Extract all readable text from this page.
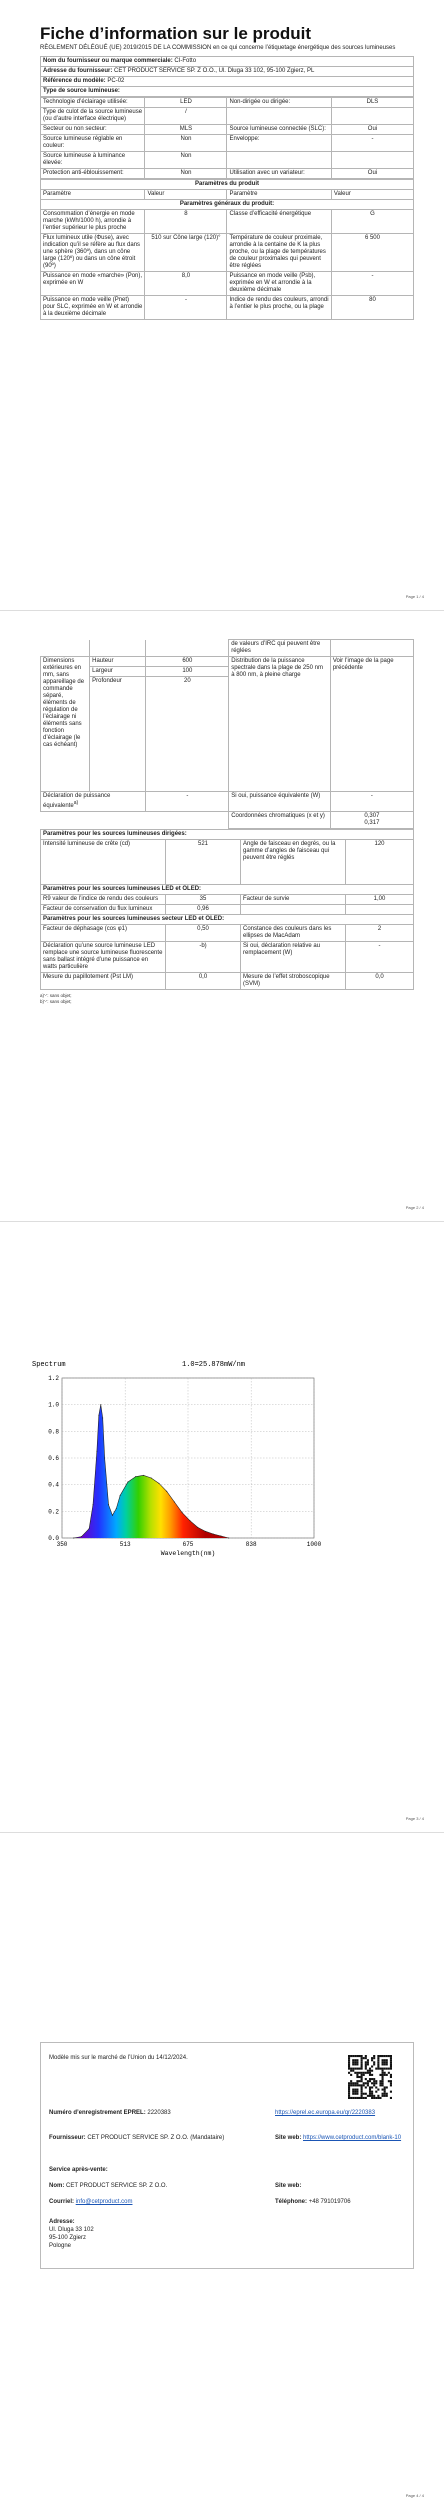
Fiche d’information sur le produit
RÈGLEMENT DÉLÉGUÉ (UE) 2019/2015 DE LA COMMISSION en ce qui concerne l’étiquetage énergétique des sources lumineuses
Nom du fournisseur ou marque commerciale: CI-Fotto
Adresse du fournisseur: CET PRODUCT SERVICE SP. Z O.O., Ul. Dluga 33 102, 95-100 Zgierz, PL
Référence du modèle: PC-02
Type de source lumineuse:
Technologie d’éclairage utilisée:	LED	Non-dirigée ou dirigée:	DLS
Type de culot de la source lumineuse (ou d’autre interface électrique)	/		
Secteur ou non secteur:	MLS	Source lumineuse connectée (SLC):	Oui
Source lumineuse réglable en couleur:	Non	Enveloppe:	-
Source lumineuse à luminance élevée:	Non		
Protection anti-éblouissement:	Non	Utilisation avec un variateur:	Oui
Paramètres du produit			
Paramètre	Valeur	Paramètre	Valeur
Paramètres généraux du produit:			
Consommation d’énergie en mode marche (kWh/1000 h), arrondie à l’entier supérieur le plus proche	8	Classe d’efficacité énergétique	G
Flux lumineux utile (Φuse), avec indication qu’il se réfère au flux dans une sphère (360º), dans un cône large (120º) ou dans un cône étroit (90º)	510 sur Cône large (120)°	Température de couleur proximale, arrondie à la centaine de K la plus proche, ou la plage de températures de couleur proximales qui peuvent être réglées	6 500
Puissance en mode «marche» (Pon), exprimée en W	8,0	Puissance en mode veille (Psb), exprimée en W et arrondie à la deuxième décimale	-
Puissance en mode veille (Pnet) pour SLC, exprimée en W et arrondie à la deuxième décimale	-	Indice de rendu des couleurs, arrondi à l’entier le plus proche, ou la plage	80
Page 1 / 4
			de valeurs d’IRC qui peuvent être réglées	
Dimensions extérieures en mm, sans appareillage de commande séparé, éléments de régulation de l’éclairage ni éléments sans fonction d’éclairage (le cas échéant)	Hauteur	600	Distribution de la puissance spectrale dans la plage de 250 nm à 800 nm, à pleine charge	Voir l’image de la page précédente
	Largeur	100		
	Profondeur	20		
Déclaration de puissance équivalente$^{a)}$		-	Si oui, puissance équivalente (W)	-
			Coordonnées chromatiques (x et y)	0,307
0,317
Paramètres pour les sources lumineuses dirigées:			
Intensité lumineuse de crête (cd)	521	Angle de faisceau en degrés, ou la gamme d’angles de faisceau qui peuvent être réglés	120
Paramètres pour les sources lumineuses LED et OLED:			
R9 valeur de l’indice de rendu des couleurs	35	Facteur de survie	1,00
Facteur de conservation du flux lumineux	0,96		
Paramètres pour les sources lumineuses secteur LED et OLED:			
Facteur de déphasage (cos φ1)	0,50	Constance des couleurs dans les ellipses de MacAdam	2
Déclaration qu’une source lumineuse LED remplace une source lumineuse fluorescente sans ballast intégré d’une puissance en watts particulière	-b)	Si oui, déclaration relative au remplacement (W)	-
Mesure du papillotement (Pst LM)	0,0	Mesure de l’effet stroboscopique (SVM)	0,0
a)'-': sans objet;
b)'-': sans objet;
Page 2 / 4
Page 3 / 4
Spectrum	1.0=25.878mW/nm
0.0
0.2
0.4
0.6
0.8
1.0
1.2
350	513	675	838	1000
Wavelength(nm)
Page 4 / 4
Modèle mis sur le marché de l’Union du 14/12/2024.
Numéro d’enregistrement EPREL: 2220383	https://eprel.ec.europa.eu/qr/2220383
Fournisseur: CET PRODUCT SERVICE SP. Z O.O. (Mandataire)	Site web: https://www.cetproduct.com/blank-10
Service après-vente:
Nom: CET PRODUCT SERVICE SP. Z O.O.	Site web:
Courriel: info@cetproduct.com	Téléphone: +48 791019706
Adresse:
Ul. Dluga 33 102
95-100 Zgierz
Pologne
